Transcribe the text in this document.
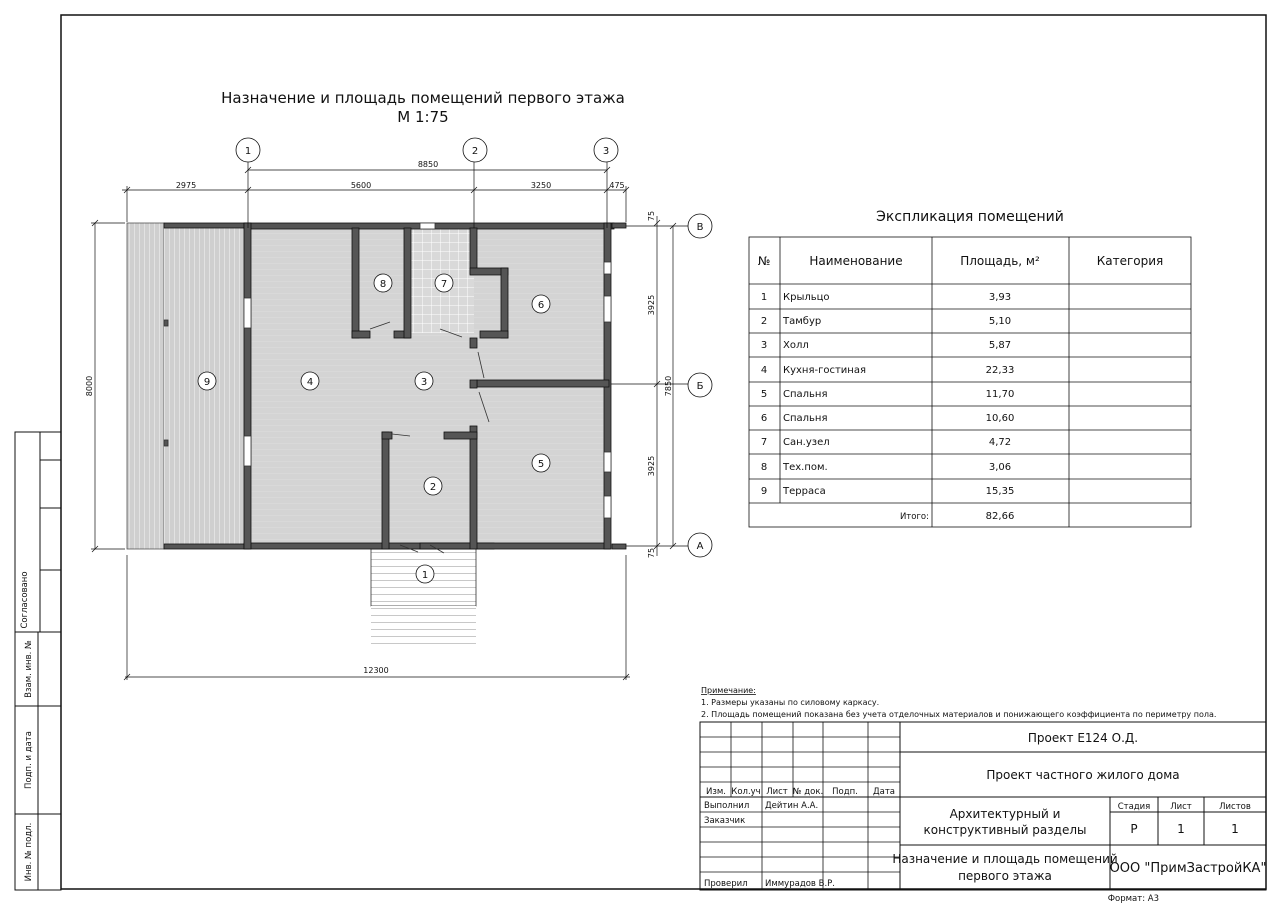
Назначение и площадь помещений первого этажа
М 1:75
1
2
3
4
5
6
7
8
9
1	2	3
В
Б
А
8850
2975	5600	3250	475
8000
75
3925
7850
3925
75
12300
Экспликация помещений
№	Наименование	Площадь, м²	Категория
1 Крыльцо	3,93
2 Тамбур	5,10
3 Холл	5,87
4 Кухня-гостиная	22,33
5 Спальня	11,70
6 Спальня	10,60
7 Сан.узел	4,72
8 Тех.пом.	3,06
9 Терраса	15,35
Итого:	82,66
Примечание:
1. Размеры указаны по силовому каркасу.
2. Площадь помещений показана без учета отделочных материалов и понижающего коэффициента по периметру пола.
Согласовано
Взам. инв. №
Подп. и дата
Инв. № подл.
Проект Е124 О.Д.
Проект частного жилого дома
Изм. Кол.уч Лист № док. Подп. Дата
Выполнил Дейтин А.А.
Заказчик
Проверил Иммурадов В.Р.
Архитектурный и
конструктивный разделы
Стадия Лист	Листов
Р	1	1
Назначение и площадь помещений
первого этажа	ООО "ПримЗастройКА"
Формат: А3
